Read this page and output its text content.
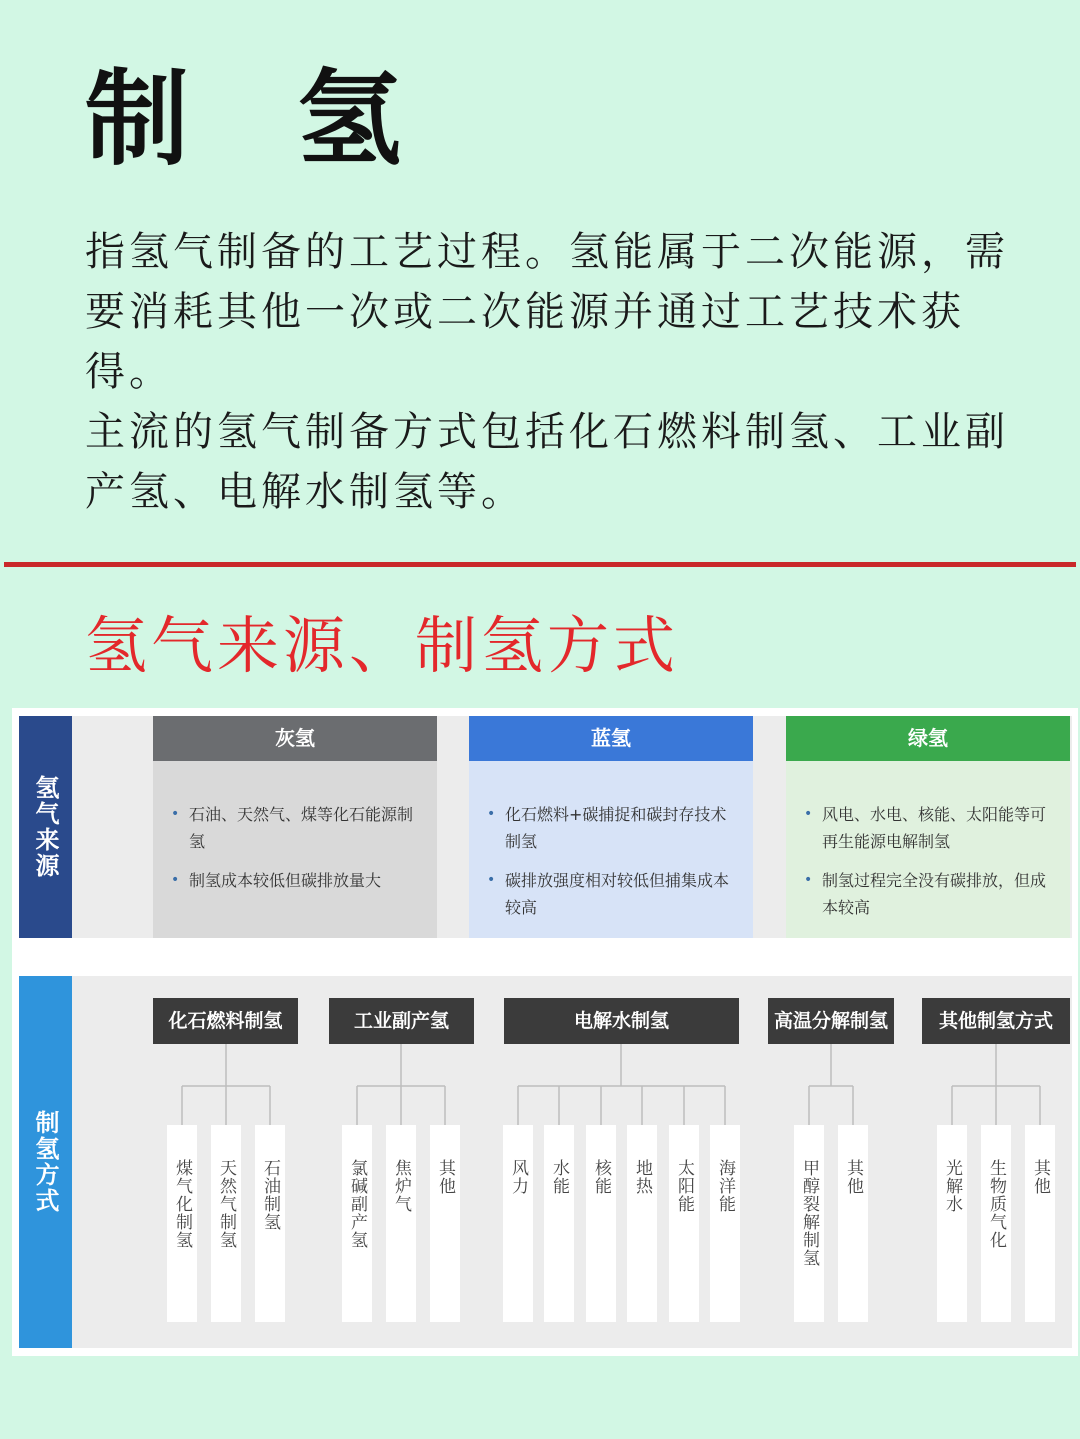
制 氢

指氢气制备的工艺过程。氢能属于二次能源，需要消耗其他一次或二次能源并通过工艺技术获得。

主流的氢气制备方式包括化石燃料制氢、工业副产氢、电解水制氢等。

氢气来源、制氢方式
氢气来源
制氢方式
灰氢
• 石油、天然气、煤等化石能源制氢
• 制氢成本较低但碳排放量大
蓝氢
• 化石燃料+碳捕捉和碳封存技术制氢
• 碳排放强度相对较低但捕集成本较高
绿氢
• 风电、水电、核能、太阳能等可再生能源电解制氢
• 制氢过程完全没有碳排放，但成本较高
化石燃料制氢	工业副产氢	电解水制氢	高温分解制氢	其他制氢方式
煤气化制氢 天然气制氢 石油制氢	氯碱副产氢 焦炉气 其他	风力 水能 核能 地热 太阳能 海洋能	甲醇裂解制氢 其他	光解水 生物质气化 其他
